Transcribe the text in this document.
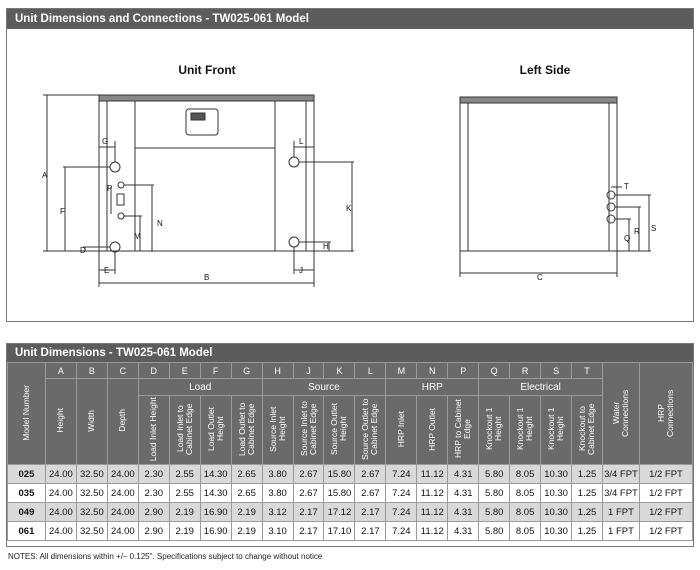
Unit Dimensions and Connections - TW025-061 Model
Unit Front	Left Side
A
B
D
E
F
G
H
J
K
L
M
N
P
C
T
R S
Q
Unit Dimensions - TW025-061 Model
Model Number	A	B	C	D	E	F	G	H	J	K	L	M	N	P	Q	R	S	T	Water Connections	HRP Connections
	Height	Width	Depth	Load				Source				HRP			Electrical					
				Load Inlet Height	Load Inlet to Cabinet Edge	Load Outlet Height	Load Outlet to Cabinet Edge	Source Inlet Height	Source Inlet to Cabinet Edge	Source Outlet Height	Source Outlet to Cabinet Edge	HRP Inlet	HRP Outlet	HRP to Cabinet Edge	Knockout 1 Height	Knockout 1 Height	Knockout 1 Height	Knockout to Cabinet Edge		
025	24.00	32.50	24.00	2.30	2.55	14.30	2.65	3.80	2.67	15.80	2.67	7.24	11.12	4.31	5.80	8.05	10.30	1.25	3/4 FPT	1/2 FPT
035	24.00	32.50	24.00	2.30	2.55	14.30	2.65	3.80	2.67	15.80	2.67	7.24	11.12	4.31	5.80	8.05	10.30	1.25	3/4 FPT	1/2 FPT
049	24.00	32.50	24.00	2.90	2.19	16.90	2.19	3.12	2.17	17.12	2.17	7.24	11.12	4.31	5.80	8.05	10.30	1.25	1 FPT	1/2 FPT
061	24.00	32.50	24.00	2.90	2.19	16.90	2.19	3.10	2.17	17.10	2.17	7.24	11.12	4.31	5.80	8.05	10.30	1.25	1 FPT	1/2 FPT
NOTES: All dimensions within +/– 0.125". Specifications subject to change without notice
